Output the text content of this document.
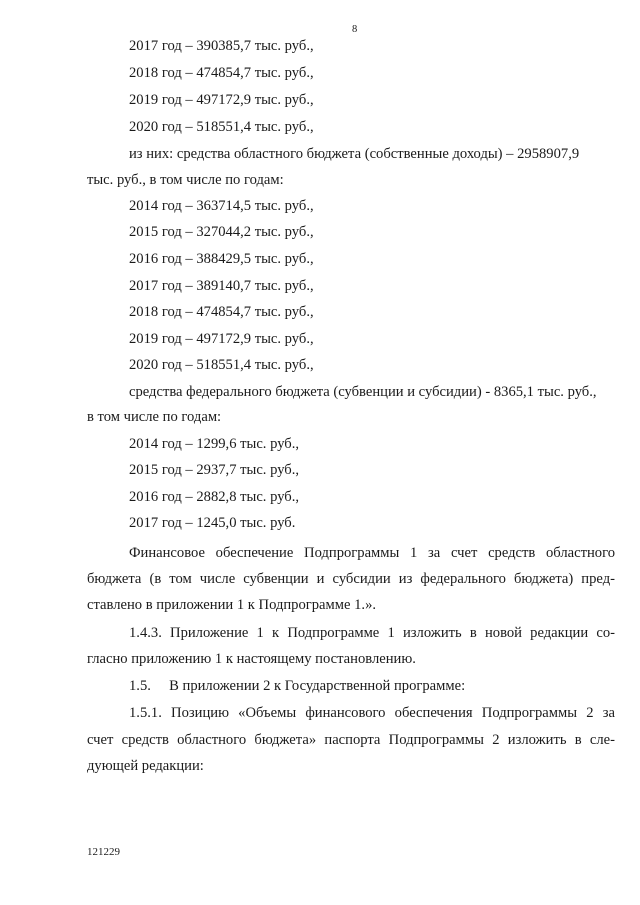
8
2017 год – 390385,7 тыс. руб.,
2018 год – 474854,7 тыс. руб.,
2019 год – 497172,9 тыс. руб.,
2020 год – 518551,4 тыс. руб.,
из них: средства областного бюджета (собственные доходы) – 2958907,9
тыс. руб., в том числе по годам:
2014 год – 363714,5 тыс. руб.,
2015 год – 327044,2 тыс. руб.,
2016 год – 388429,5 тыс. руб.,
2017 год – 389140,7 тыс. руб.,
2018 год – 474854,7 тыс. руб.,
2019 год – 497172,9 тыс. руб.,
2020 год – 518551,4 тыс. руб.,
средства федерального бюджета (субвенции и субсидии) - 8365,1 тыс. руб.,
в том числе по годам:
2014 год – 1299,6 тыс. руб.,
2015 год – 2937,7 тыс. руб.,
2016 год – 2882,8 тыс. руб.,
2017 год – 1245,0 тыс. руб.
Финансовое обеспечение Подпрограммы 1 за счет средств областного
бюджета (в том числе субвенции и субсидии из федерального бюджета) пред-
ставлено в приложении 1 к Подпрограмме 1.».
1.4.3. Приложение 1 к Подпрограмме 1 изложить в новой редакции со-
гласно приложению 1 к настоящему постановлению.
1.5.     В приложении 2 к Государственной программе:
1.5.1. Позицию «Объемы финансового обеспечения Подпрограммы 2 за
счет средств областного бюджета» паспорта Подпрограммы 2 изложить в сле-
дующей редакции:
121229
